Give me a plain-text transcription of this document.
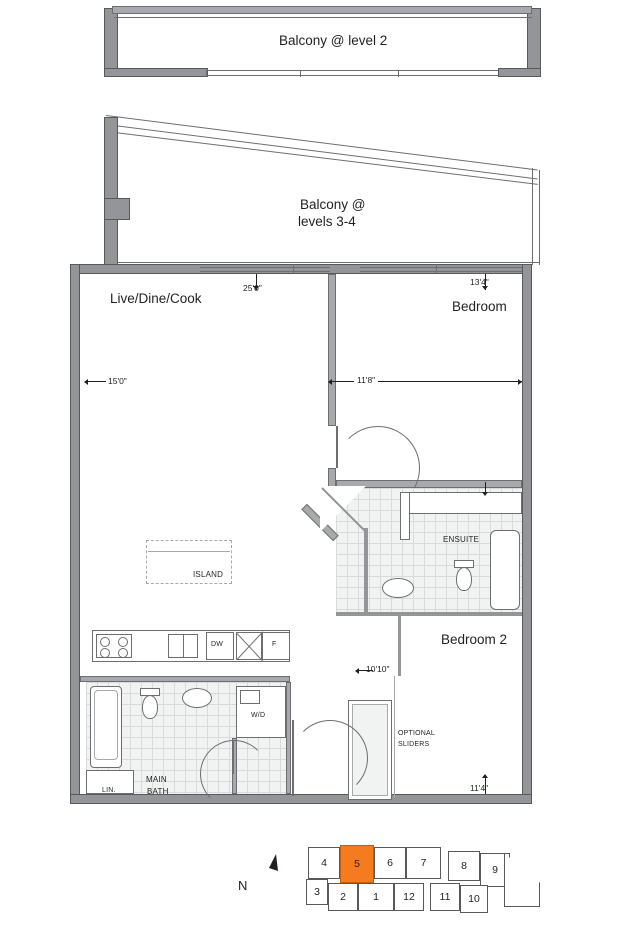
Balcony @ level 2
Balcony @
levels 3-4
Bedroom
ENSUITE
Bedroom 2
OPTIONAL
SLIDERS
Live/Dine/Cook
ISLAND
DW	F
LIN.
MAIN
BATH
W/D
25'0"
15'0"
13'4"
11'8"
11'4"
10'10"
4	5	6	7	8	9
3	2	1	12	11	10
N
